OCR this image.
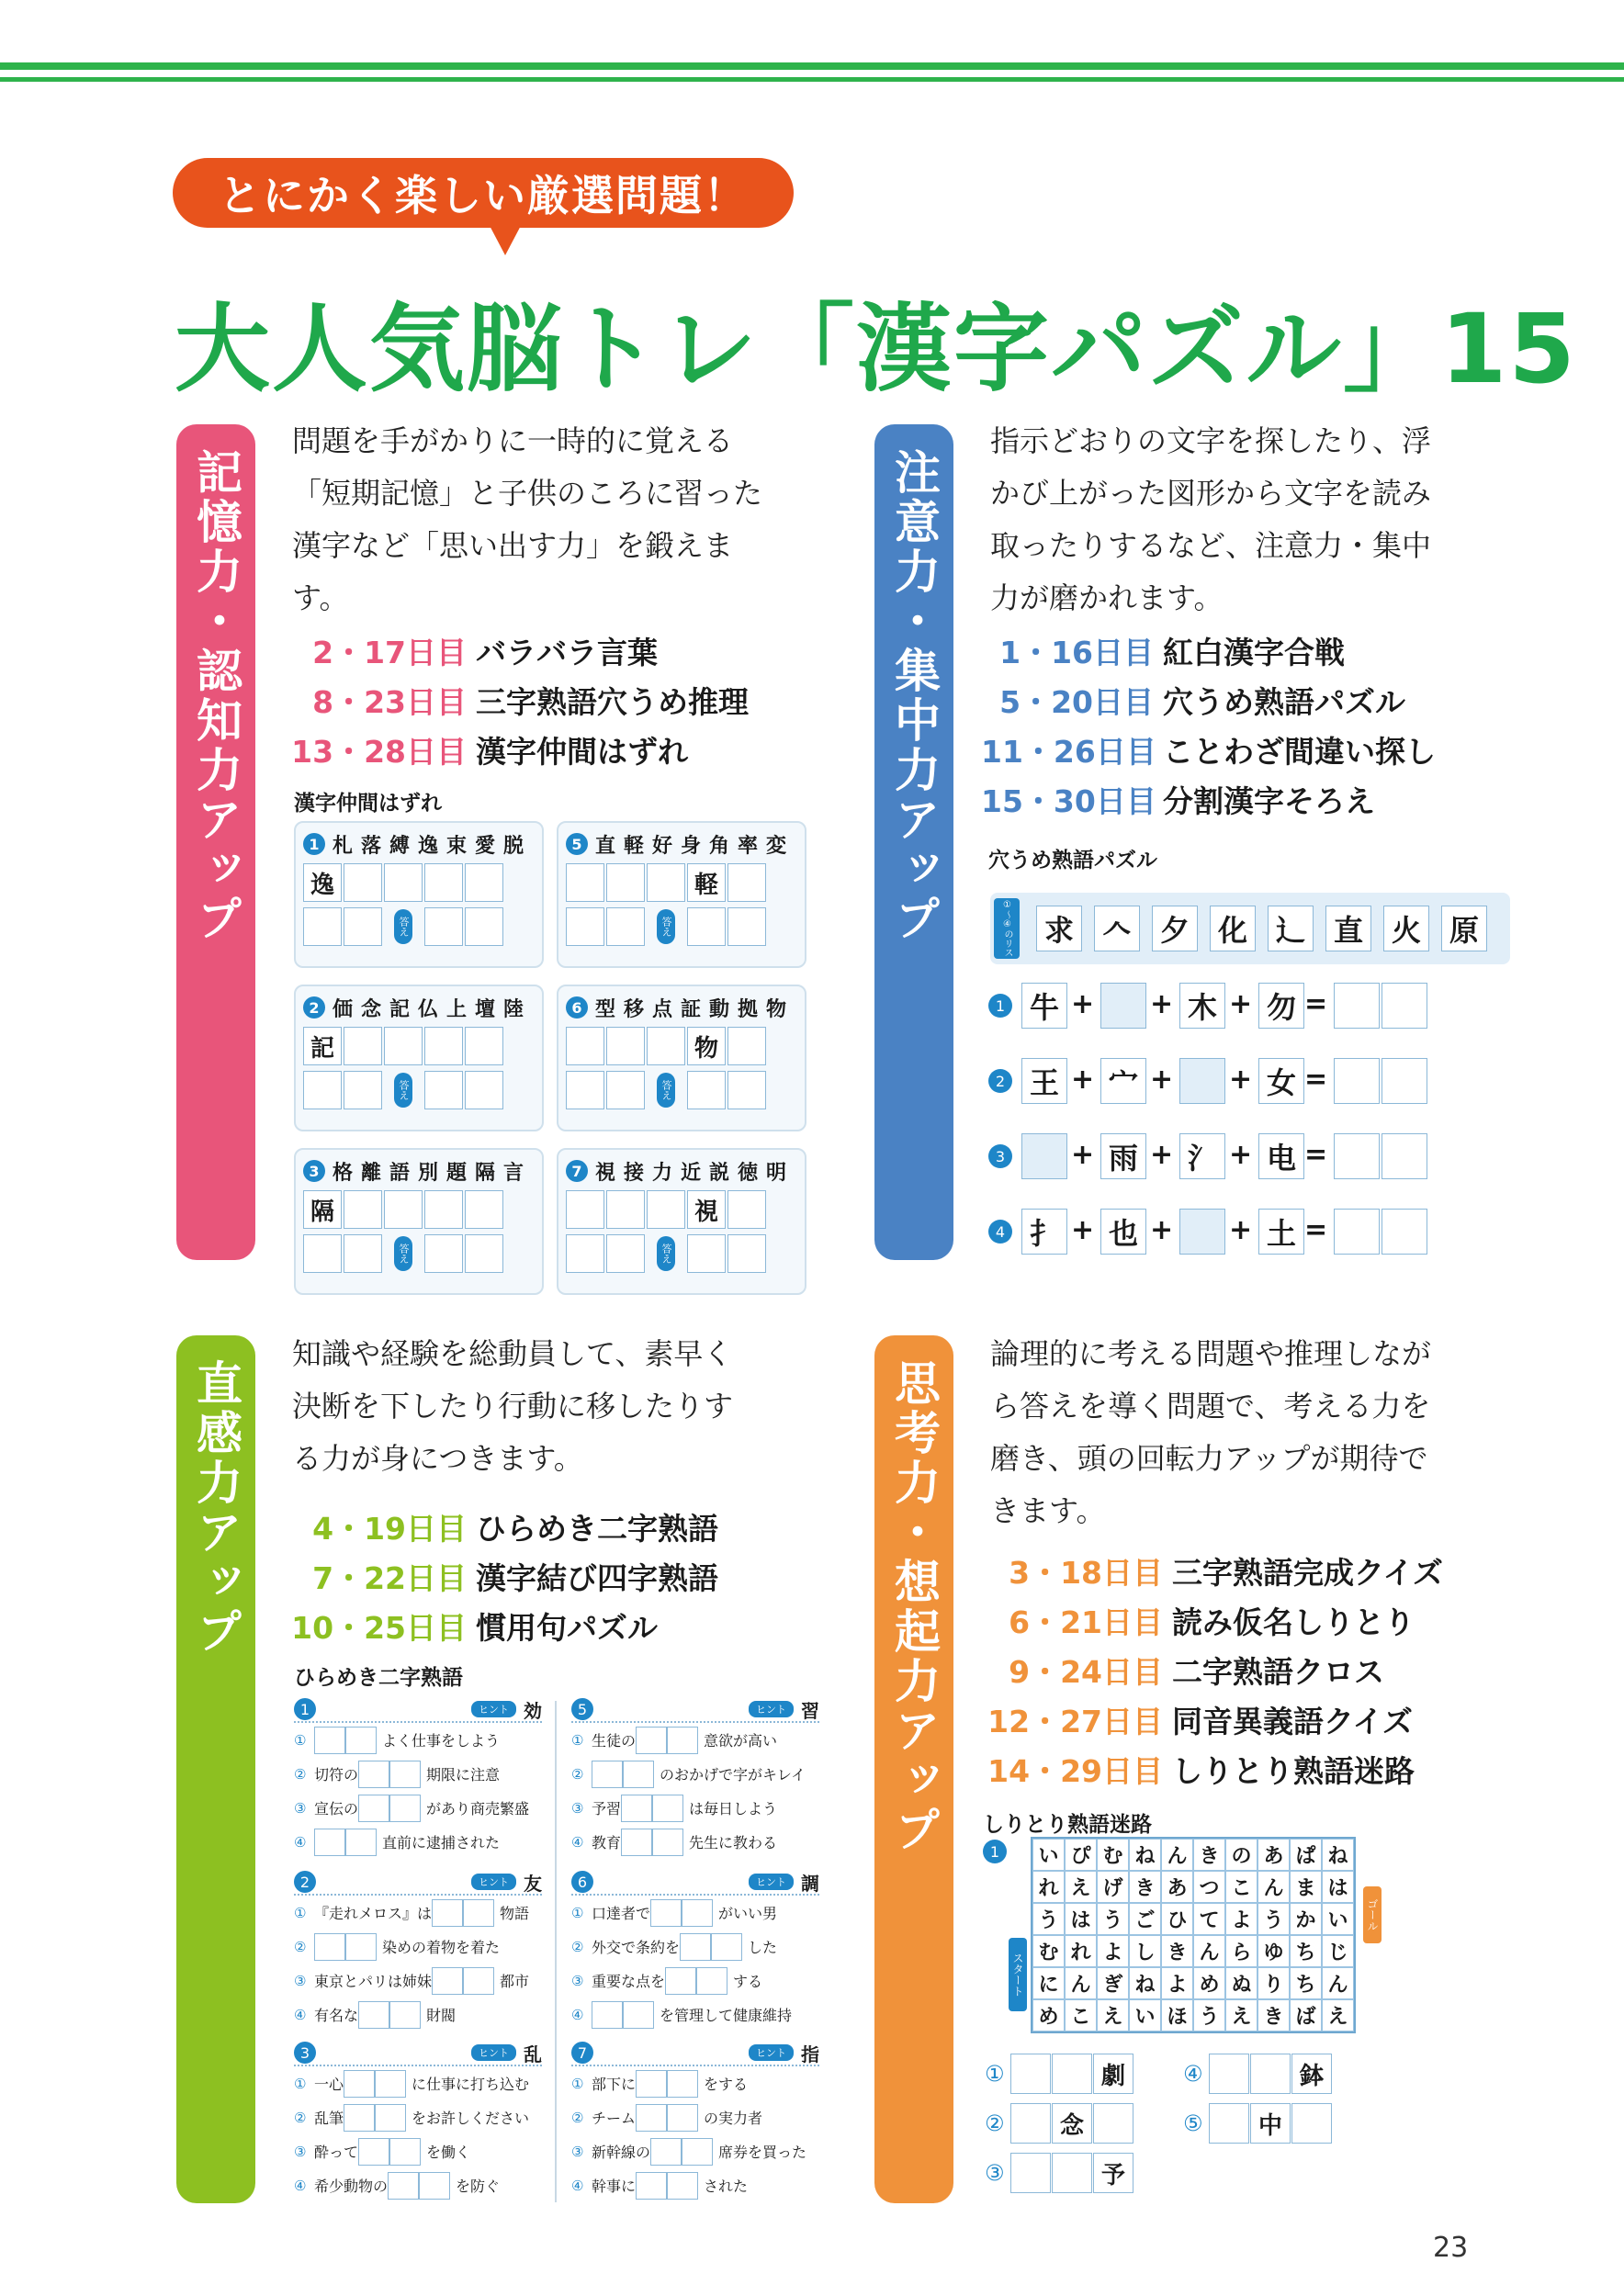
とにかく楽しい厳選問題！
大人気脳トレ「漢字パズル」15
記憶力・認知力アップ
問題を手がかりに一時的に覚える
「短期記憶」と子供のころに習った
漢字など「思い出す力」を鍛えま
す。
2・17日目 バラバラ言葉
8・23日目 三字熟語穴うめ推理
13・28日目 漢字仲間はずれ
漢字仲間はずれ
1 札落縛逸束愛脱
逸
答え
5 直軽好身角率変
軽
答え
2 価念記仏上壇陸
記
答え
6 型移点証動拠物
物
答え
3 格離語別題隔言
隔
答え
7 視接力近説徳明
視
答え
注意力・集中力アップ
指示どおりの文字を探したり、浮
かび上がった図形から文字を読み
取ったりするなど、注意力・集中
力が磨かれます。
1・16日目 紅白漢字合戦
5・20日目 穴うめ熟語パズル
11・26日目 ことわざ間違い探し
15・30日目 分割漢字そろえ
穴うめ熟語パズル
①〜④のリスト	求 𠆢 夕 化 辶 直 火 原
1 牛 + + 木 + 勿 =
2 王 + 宀 + + 女 =
3 + 雨 + 氵 + 电 =
4 扌 + 也 + + 土 =
直感力アップ
知識や経験を総動員して、素早く
決断を下したり行動に移したりす
る力が身につきます。
4・19日目 ひらめき二字熟語
7・22日目 漢字結び四字熟語
10・25日目 慣用句パズル
ひらめき二字熟語
1	ヒント 効
①	よく仕事をしよう
② 切符の	期限に注意
③ 宣伝の	があり商売繁盛
④	直前に逮捕された
5	ヒント 習
① 生徒の	意欲が高い
②	のおかげで字がキレイ
③ 予習	は毎日しよう
④ 教育	先生に教わる
2	ヒント 友
① 『走れメロス』は	物語
②	染めの着物を着た
③ 東京とパリは姉妹	都市
④ 有名な	財閥
6	ヒント 調
① 口達者で	がいい男
② 外交で条約を	した
③ 重要な点を	する
④	を管理して健康維持
3	ヒント 乱
① 一心	に仕事に打ち込む
② 乱筆	をお許しください
③ 酔って	を働く
④ 希少動物の	を防ぐ
7	ヒント 指
① 部下に	をする
② チーム	の実力者
③ 新幹線の	席券を買った
④ 幹事に	された
思考力・想起力アップ
論理的に考える問題や推理しなが
ら答えを導く問題で、考える力を
磨き、頭の回転力アップが期待で
きます。
3・18日目 三字熟語完成クイズ
6・21日目 読み仮名しりとり
9・24日目 二字熟語クロス
12・27日目 同音異義語クイズ
14・29日目 しりとり熟語迷路
しりとり熟語迷路
1
スタート
ゴール
い ぴ む ね ん き の あ ぱ ね
れ え げ き あ つ こ ん ま は
う は う ご ひ て よ う か い
む れ よ し き ん ら ゆ ち じ
に ん ぎ ね よ め ぬ り ち ん
め こ え い ほ う え き ば え
①	劇	④	鉢
②	念	⑤	中
③	予
23
